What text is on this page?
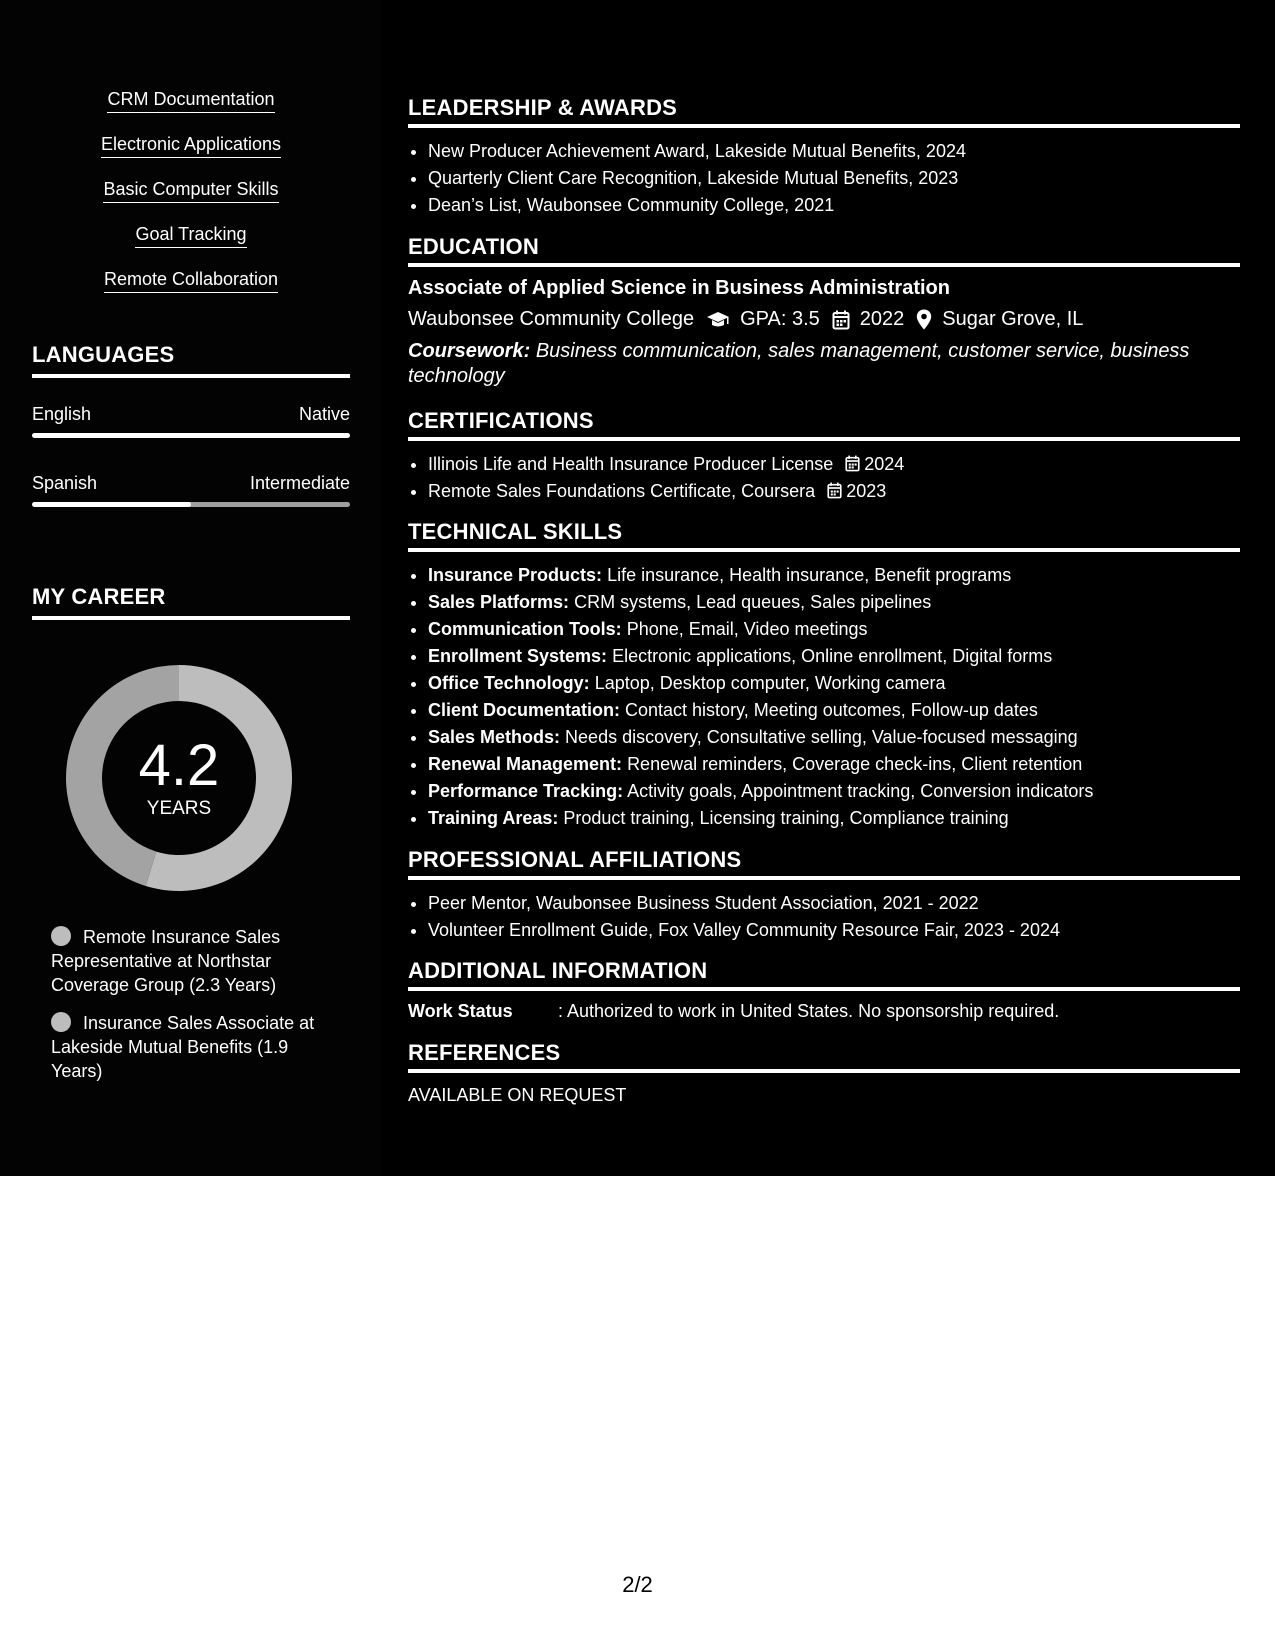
CRM Documentation
Electronic Applications
Basic Computer Skills
Goal Tracking
Remote Collaboration
LANGUAGES
English	Native
Spanish	Intermediate
MY CAREER
4.2
YEARS
Remote Insurance Sales Representative at Northstar Coverage Group (2.3 Years)
Insurance Sales Associate at Lakeside Mutual Benefits (1.9 Years)
LEADERSHIP & AWARDS
• New Producer Achievement Award, Lakeside Mutual Benefits, 2024
• Quarterly Client Care Recognition, Lakeside Mutual Benefits, 2023
• Dean’s List, Waubonsee Community College, 2021
EDUCATION
Associate of Applied Science in Business Administration
Waubonsee Community College GPA: 3.5 2022 Sugar Grove, IL
Coursework: Business communication, sales management, customer service, business technology
CERTIFICATIONS
• Illinois Life and Health Insurance Producer License 2024
• Remote Sales Foundations Certificate, Coursera 2023
TECHNICAL SKILLS
• Insurance Products: Life insurance, Health insurance, Benefit programs
• Sales Platforms: CRM systems, Lead queues, Sales pipelines
• Communication Tools: Phone, Email, Video meetings
• Enrollment Systems: Electronic applications, Online enrollment, Digital forms
• Office Technology: Laptop, Desktop computer, Working camera
• Client Documentation: Contact history, Meeting outcomes, Follow-up dates
• Sales Methods: Needs discovery, Consultative selling, Value-focused messaging
• Renewal Management: Renewal reminders, Coverage check-ins, Client retention
• Performance Tracking: Activity goals, Appointment tracking, Conversion indicators
• Training Areas: Product training, Licensing training, Compliance training
PROFESSIONAL AFFILIATIONS
• Peer Mentor, Waubonsee Business Student Association, 2021 - 2022
• Volunteer Enrollment Guide, Fox Valley Community Resource Fair, 2023 - 2024
ADDITIONAL INFORMATION
Work Status	: Authorized to work in United States. No sponsorship required.
REFERENCES
AVAILABLE ON REQUEST
2/2
